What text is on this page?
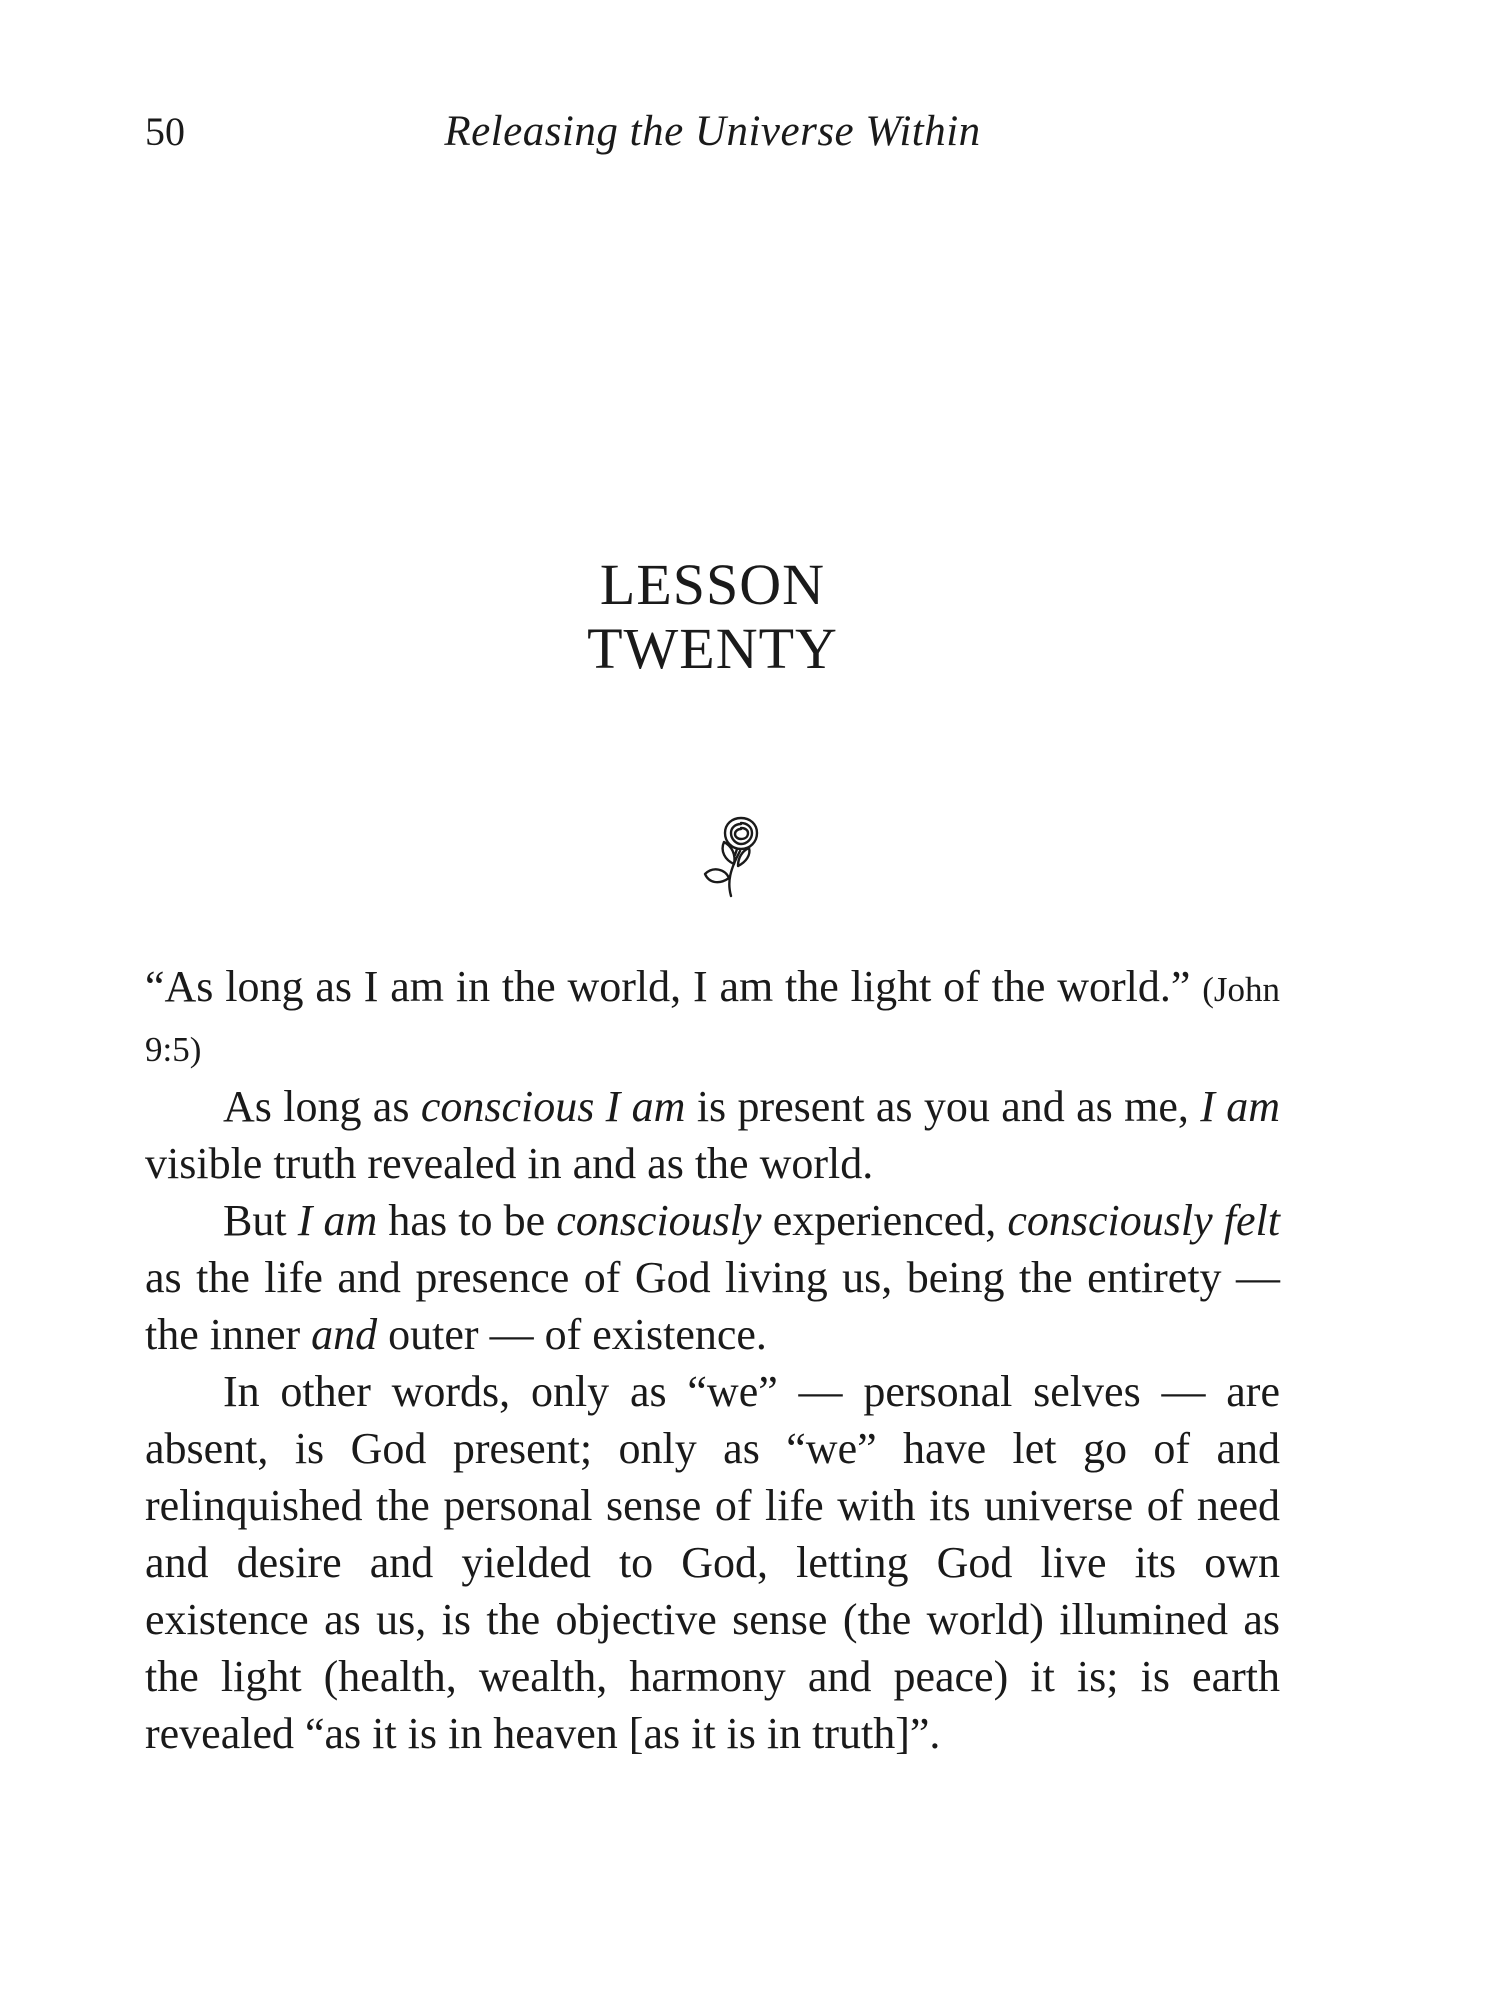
50	Releasing the Universe Within
LESSON
TWENTY

“As long as I am in the world, I am the light of the world.” (John 9:5)

As long as conscious I am is present as you and as me, I am visible truth revealed in and as the world.

But I am has to be consciously experienced, consciously felt as the life and presence of God living us, being the entirety — the inner and outer — of existence.

In other words, only as “we” — personal selves — are absent, is God present; only as “we” have let go of and relinquished the personal sense of life with its universe of need and desire and yielded to God, letting God live its own existence as us, is the objective sense (the world) illumined as the light (health, wealth, harmony and peace) it is; is earth revealed “as it is in heaven [as it is in truth]”.
